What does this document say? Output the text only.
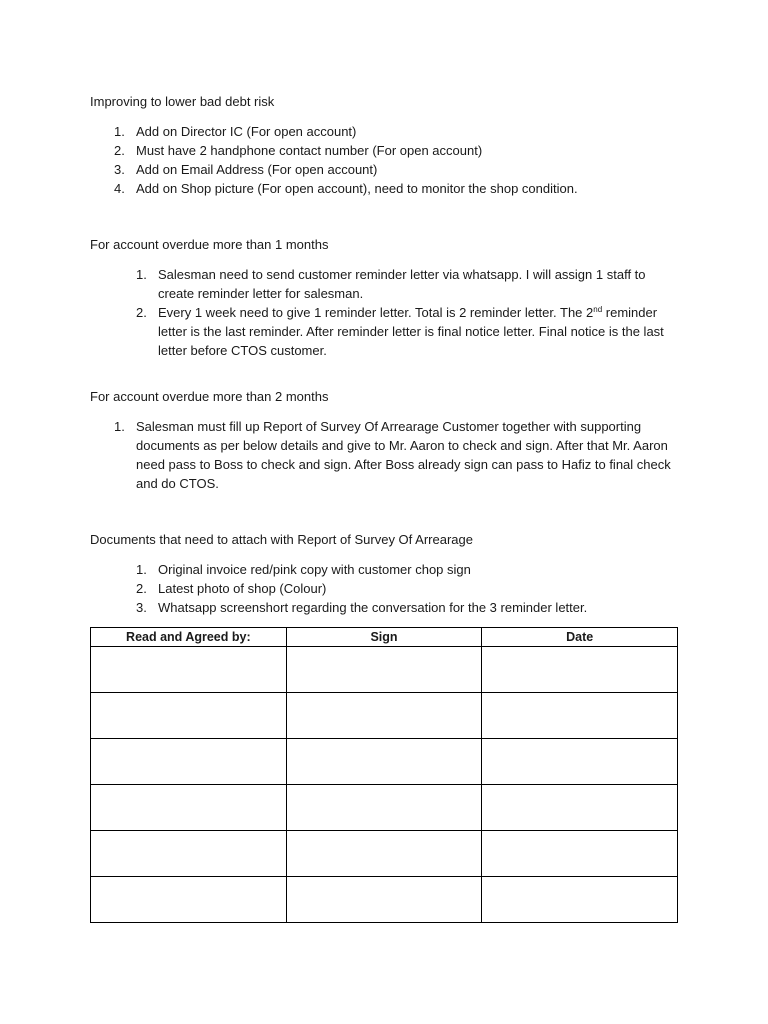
Improving to lower bad debt risk
1. Add on Director IC (For open account)
2. Must have 2 handphone contact number (For open account)
3. Add on Email Address (For open account)
4. Add on Shop picture (For open account), need to monitor the shop condition.
For account overdue more than 1 months
1. Salesman need to send customer reminder letter via whatsapp. I will assign 1 staff to create reminder letter for salesman.
2. Every 1 week need to give 1 reminder letter. Total is 2 reminder letter. The 2nd reminder letter is the last reminder. After reminder letter is final notice letter. Final notice is the last letter before CTOS customer.
For account overdue more than 2 months
1. Salesman must fill up Report of Survey Of Arrearage Customer together with supporting documents as per below details and give to Mr. Aaron to check and sign. After that Mr. Aaron need pass to Boss to check and sign. After Boss already sign can pass to Hafiz to final check and do CTOS.
Documents that need to attach with Report of Survey Of Arrearage
1. Original invoice red/pink copy with customer chop sign
2. Latest photo of shop (Colour)
3. Whatsapp screenshort regarding the conversation for the 3 reminder letter.
Read and Agreed by:	Sign	Date
